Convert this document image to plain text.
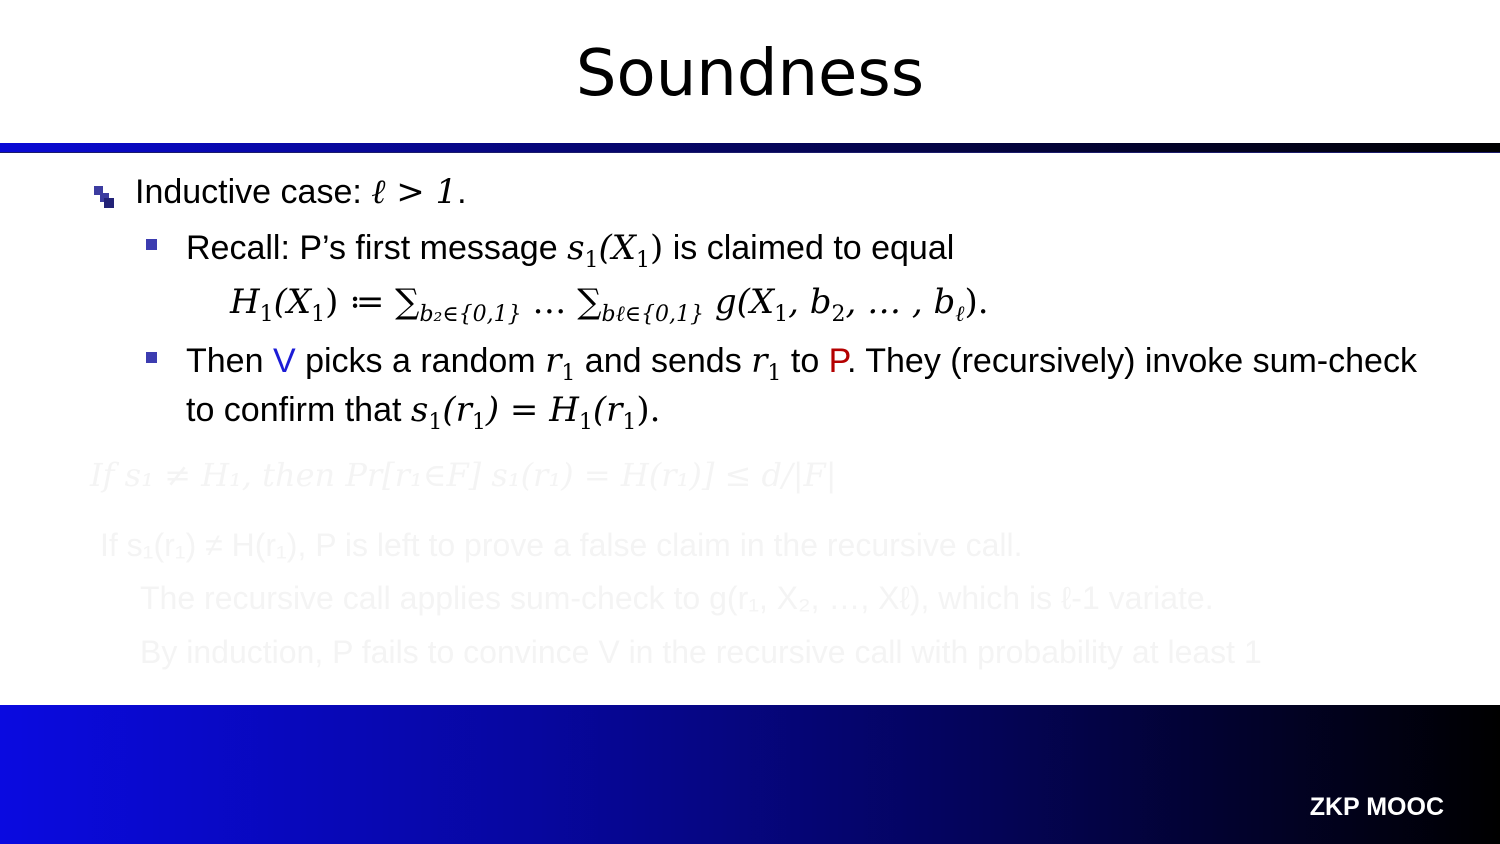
Soundness
Inductive case: ℓ > 1.
Recall: P’s first message $s_1(X_1)$ is claimed to equal
$H_1(X_1)$ ≔ $\sum_{b_2\in\{0,1\}}$ … $\sum_{b\ell\in\{0,1\}}$ $g(X_1$, $b_2$, … , $b_\ell$).
Then V picks a random $r_1$ and sends $r_1$ to P. They (recursively) invoke sum-check
to confirm that $s_1(r_1) = H_1(r_1)$.
If s₁ ≠ H₁, then Pr[r₁∈F] s₁(r₁) = H(r₁)] ≤ d/|F|
If s₁(r₁) ≠ H(r₁), P is left to prove a false claim in the recursive call.
The recursive call applies sum-check to g(r₁, X₂, …, Xℓ), which is ℓ-1 variate.
By induction, P fails to convince V in the recursive call with probability at least 1
ZKP MOOC
